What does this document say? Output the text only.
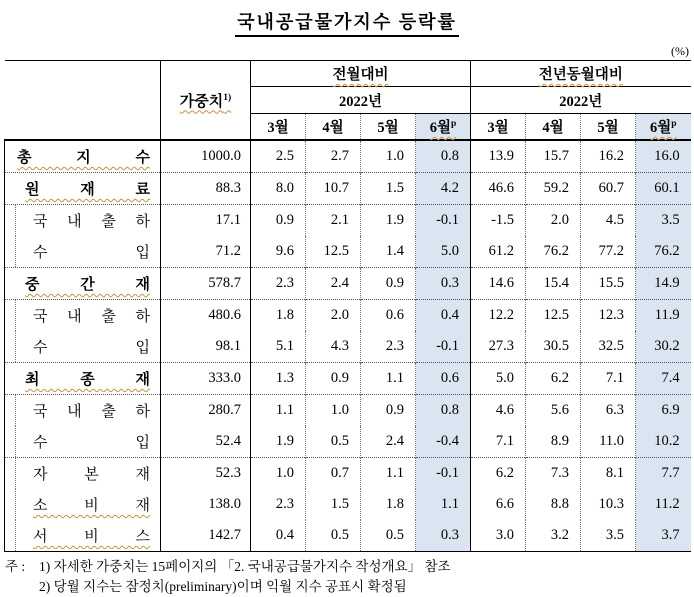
국내공급물가지수 등락률
(%)
	가중치$^{1)}$	전월대비				전년동월대비			
		2022년				2022년			
		3월	4월	5월	6월$^p$	3월	4월	5월	6월$^p$

총 지 수	1000.0	2.5	2.7	1.0	0.8	13.9	15.7	16.2	16.0

원 재 료	88.3	8.0	10.7	1.5	4.2	46.6	59.2	60.7	60.1

국 내 출 하	17.1	0.9	2.1	1.9	-0.1	-1.5	2.0	4.5	3.5

수 입	71.2	9.6	12.5	1.4	5.0	61.2	76.2	77.2	76.2

중 간 재	578.7	2.3	2.4	0.9	0.3	14.6	15.4	15.5	14.9

국 내 출 하	480.6	1.8	2.0	0.6	0.4	12.2	12.5	12.3	11.9

수 입	98.1	5.1	4.3	2.3	-0.1	27.3	30.5	32.5	30.2

최 종 재	333.0	1.3	0.9	1.1	0.6	5.0	6.2	7.1	7.4

국 내 출 하	280.7	1.1	1.0	0.9	0.8	4.6	5.6	6.3	6.9

수 입	52.4	1.9	0.5	2.4	-0.4	7.1	8.9	11.0	10.2

자 본 재	52.3	1.0	0.7	1.1	-0.1	6.2	7.3	8.1	7.7

소 비 재	138.0	2.3	1.5	1.8	1.1	6.6	8.8	10.3	11.2

서 비 스	142.7	0.4	0.5	0.5	0.3	3.0	3.2	3.5	3.7
주 :	1) 자세한 가중치는 15페이지의 「2. 국내공급물가지수 작성개요」 참조
2) 당월 지수는 잠정치(preliminary)이며 익월 지수 공표시 확정됨
